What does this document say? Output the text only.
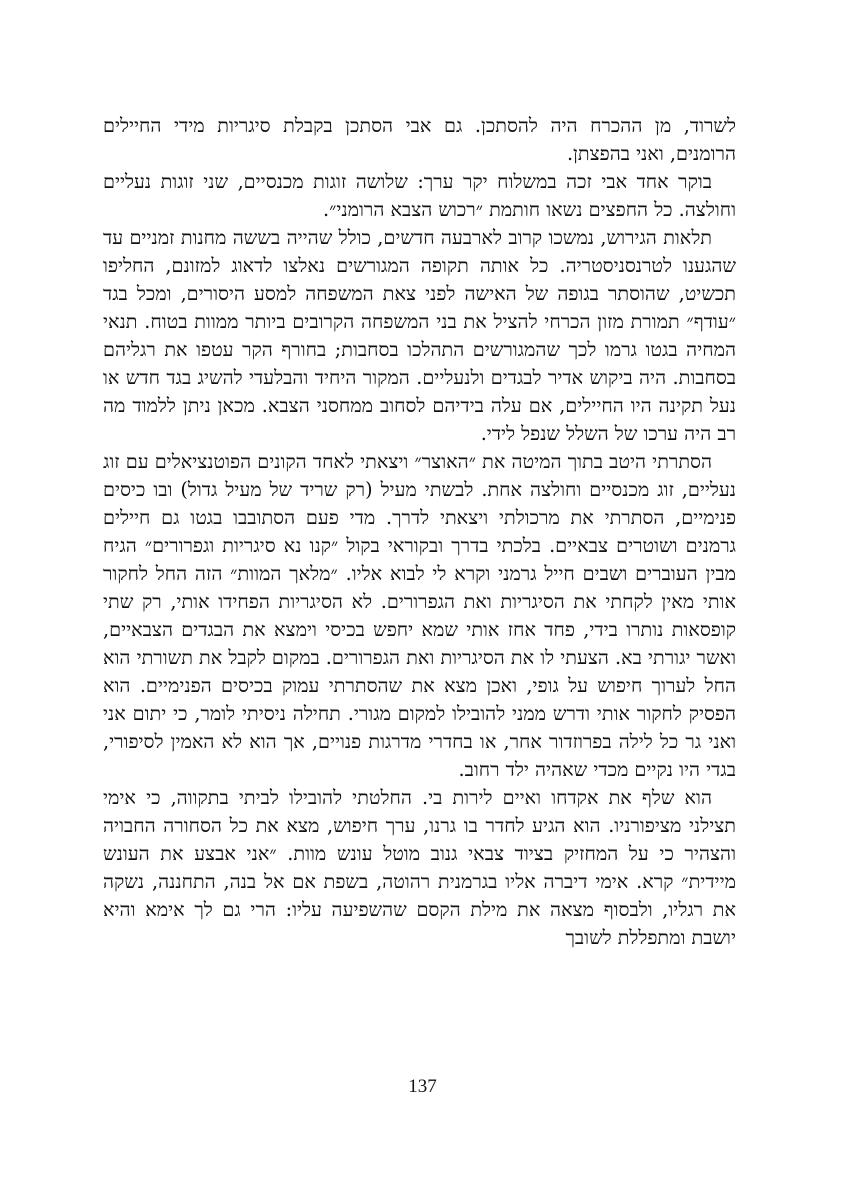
לשרוד, מן ההכרח היה להסתכן. גם אבי הסתכן בקבלת סיגריות מידי החיילים הרומנים, ואני בהפצתן.

בוקר אחד אבי זכה במשלוח יקר ערך: שלושה זוגות מכנסיים, שני זוגות נעליים וחולצה. כל החפצים נשאו חותמת ״רכוש הצבא הרומני״.

תלאות הגירוש, נמשכו קרוב לארבעה חדשים, כולל שהייה בששה מחנות זמניים עד שהגענו לטרנסניסטריה. כל אותה תקופה המגורשים נאלצו לדאוג למזונם, החליפו תכשיט, שהוסתר בגופה של האישה לפני צאת המשפחה למסע היסורים, ומכל בגד ״עודף״ תמורת מזון הכרחי להציל את בני המשפחה הקרובים ביותר ממוות בטוח. תנאי המחיה בגטו גרמו לכך שהמגורשים התהלכו בסחבות; בחורף הקר עטפו את רגליהם בסחבות. היה ביקוש אדיר לבגדים ולנעליים. המקור היחיד והבלעדי להשיג בגד חדש או נעל תקינה היו החיילים, אם עלה בידיהם לסחוב ממחסני הצבא. מכאן ניתן ללמוד מה רב היה ערכו של השלל שנפל לידי.

הסתרתי היטב בתוך המיטה את ״האוצר״ ויצאתי לאחד הקונים הפוטנציאלים עם זוג נעליים, זוג מכנסיים וחולצה אחת. לבשתי מעיל (רק שריד של מעיל גדול) ובו כיסים פנימיים, הסתרתי את מרכולתי ויצאתי לדרך. מדי פעם הסתובבו בגטו גם חיילים גרמנים ושוטרים צבאיים. בלכתי בדרך ובקוראי בקול ״קנו נא סיגריות וגפרורים״ הגיח מבין העוברים ושבים חייל גרמני וקרא לי לבוא אליו. ״מלאך המוות״ הזה החל לחקור אותי מאין לקחתי את הסיגריות ואת הגפרורים. לא הסיגריות הפחידו אותי, רק שתי קופסאות נותרו בידי, פחד אחז אותי שמא יחפש בכיסי וימצא את הבגדים הצבאיים, ואשר יגורתי בא. הצעתי לו את הסיגריות ואת הגפרורים. במקום לקבל את תשורתי הוא החל לערוך חיפוש על גופי, ואכן מצא את שהסתרתי עמוק בכיסים הפנימיים. הוא הפסיק לחקור אותי ודרש ממני להובילו למקום מגורי. תחילה ניסיתי לומר, כי יתום אני ואני גר כל לילה בפרוזדור אחר, או בחדרי מדרגות פנויים, אך הוא לא האמין לסיפורי, בגדי היו נקיים מכדי שאהיה ילד רחוב.

הוא שלף את אקדחו ואיים לירות בי. החלטתי להובילו לביתי בתקווה, כי אימי תצילני מציפורניו. הוא הגיע לחדר בו גרנו, ערך חיפוש, מצא את כל הסחורה החבויה והצהיר כי על המחזיק בציוד צבאי גנוב מוטל עונש מוות. ״אני אבצע את העונש מיידית״ קרא. אימי דיברה אליו בגרמנית רהוטה, בשפת אם אל בנה, התחננה, נשקה את רגליו, ולבסוף מצאה את מילת הקסם שהשפיעה עליו: הרי גם לך אימא והיא יושבת ומתפללת לשובך

137
